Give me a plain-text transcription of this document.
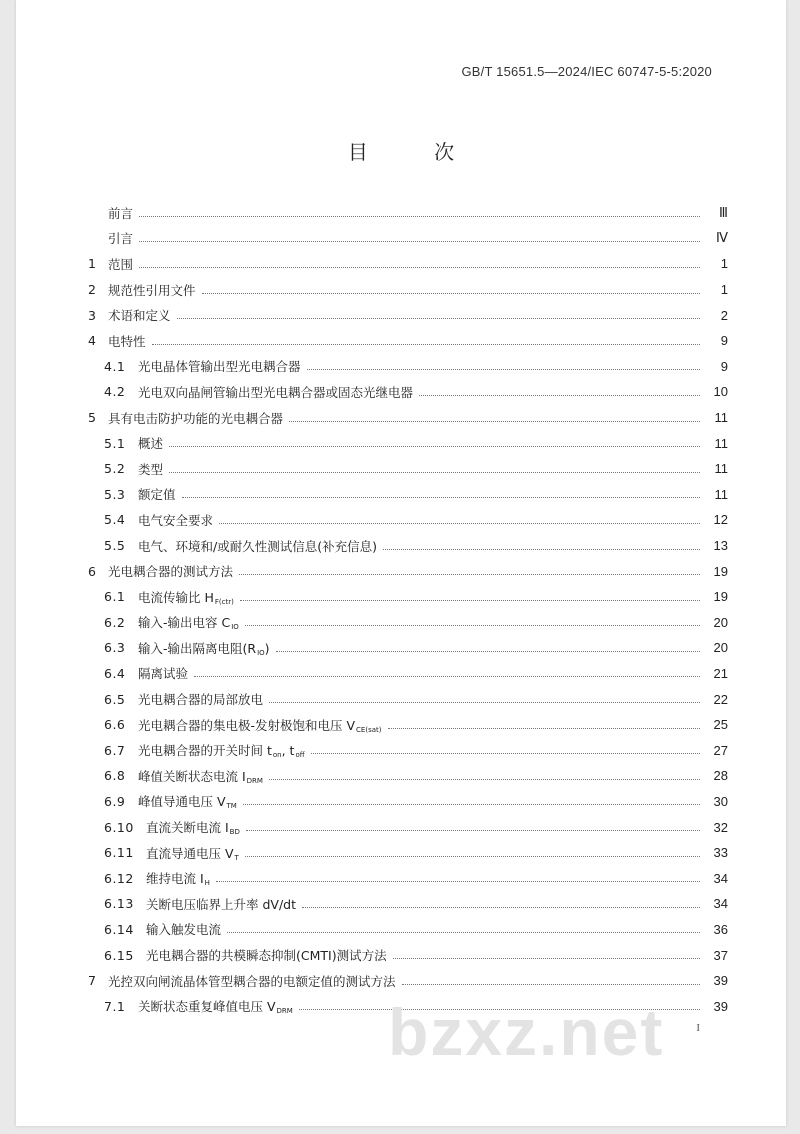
GB/T 15651.5—2024/IEC 60747-5-5:2020
目 次
前言	Ⅲ
引言	Ⅳ
1 范围	1
2 规范性引用文件	1
3 术语和定义	2
4 电特性	9
4.1	光电晶体管输出型光电耦合器	9
4.2	光电双向晶闸管输出型光电耦合器或固态光继电器	10
5 具有电击防护功能的光电耦合器	11
5.1	概述	11
5.2	类型	11
5.3	额定值	11
5.4	电气安全要求	12
5.5	电气、环境和/或耐久性测试信息(补充信息)	13
6 光电耦合器的测试方法	19
6.1	电流传输比 $H_{F(ctr)}$	19
6.2	输入-输出电容 $C_{IO}$	20
6.3	输入-输出隔离电阻$(R_{IO})$	20
6.4	隔离试验	21
6.5	光电耦合器的局部放电	22
6.6	光电耦合器的集电极-发射极饱和电压 $V_{CE(sat)}$	25
6.7	光电耦合器的开关时间 $t_{on}$, $t_{off}$	27
6.8	峰值关断状态电流 $I_{DRM}$	28
6.9	峰值导通电压 $V_{TM}$	30
6.10 直流关断电流 $I_{BD}$	32
6.11 直流导通电压 $V_T$	33
6.12 维持电流 $I_H$	34
6.13 关断电压临界上升率 dV/dt	34
6.14 输入触发电流	36
6.15 光电耦合器的共模瞬态抑制(CMTI)测试方法	37
7 光控双向闸流晶体管型耦合器的电额定值的测试方法	39
7.1	关断状态重复峰值电压 $V_{DRM}$	39
bzxz.net	I
